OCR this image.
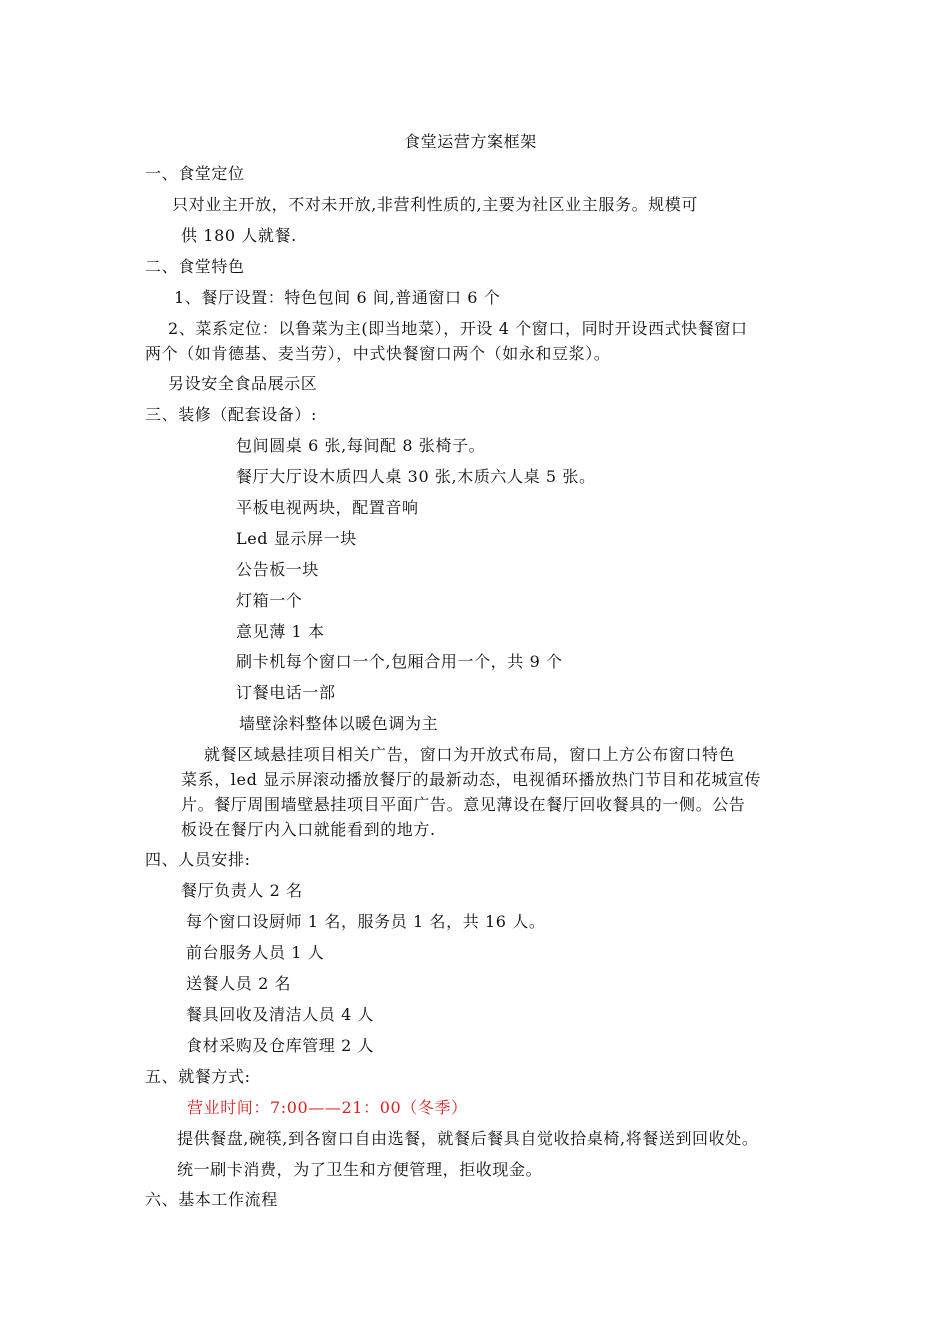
食堂运营方案框架
一、食堂定位
只对业主开放，不对未开放,非营利性质的,主要为社区业主服务。规模可
供 180 人就餐.
二、食堂特色
1、餐厅设置：特色包间 6 间,普通窗口 6 个
2、菜系定位：以鲁菜为主(即当地菜），开设 4 个窗口，同时开设西式快餐窗口
两个（如肯德基、麦当劳），中式快餐窗口两个（如永和豆浆）。
另设安全食品展示区
三、装修（配套设备）:
包间圆桌 6 张,每间配 8 张椅子。
餐厅大厅设木质四人桌 30 张,木质六人桌 5 张。
平板电视两块，配置音响
Led 显示屏一块
公告板一块
灯箱一个
意见薄 1 本
刷卡机每个窗口一个,包厢合用一个，共 9 个
订餐电话一部
墙壁涂料整体以暖色调为主
就餐区域悬挂项目相关广告，窗口为开放式布局，窗口上方公布窗口特色
菜系，led 显示屏滚动播放餐厅的最新动态，电视循环播放热门节目和花城宣传
片。餐厅周围墙壁悬挂项目平面广告。意见薄设在餐厅回收餐具的一侧。公告
板设在餐厅内入口就能看到的地方.
四、人员安排:
餐厅负责人 2 名
每个窗口设厨师 1 名，服务员 1 名，共 16 人。
前台服务人员 1 人
送餐人员 2 名
餐具回收及清洁人员 4 人
食材采购及仓库管理 2 人
五、就餐方式:
营业时间：7:00——21：00（冬季）
提供餐盘,碗筷,到各窗口自由选餐，就餐后餐具自觉收拾桌椅,将餐送到回收处。
统一刷卡消费，为了卫生和方便管理，拒收现金。
六、基本工作流程
